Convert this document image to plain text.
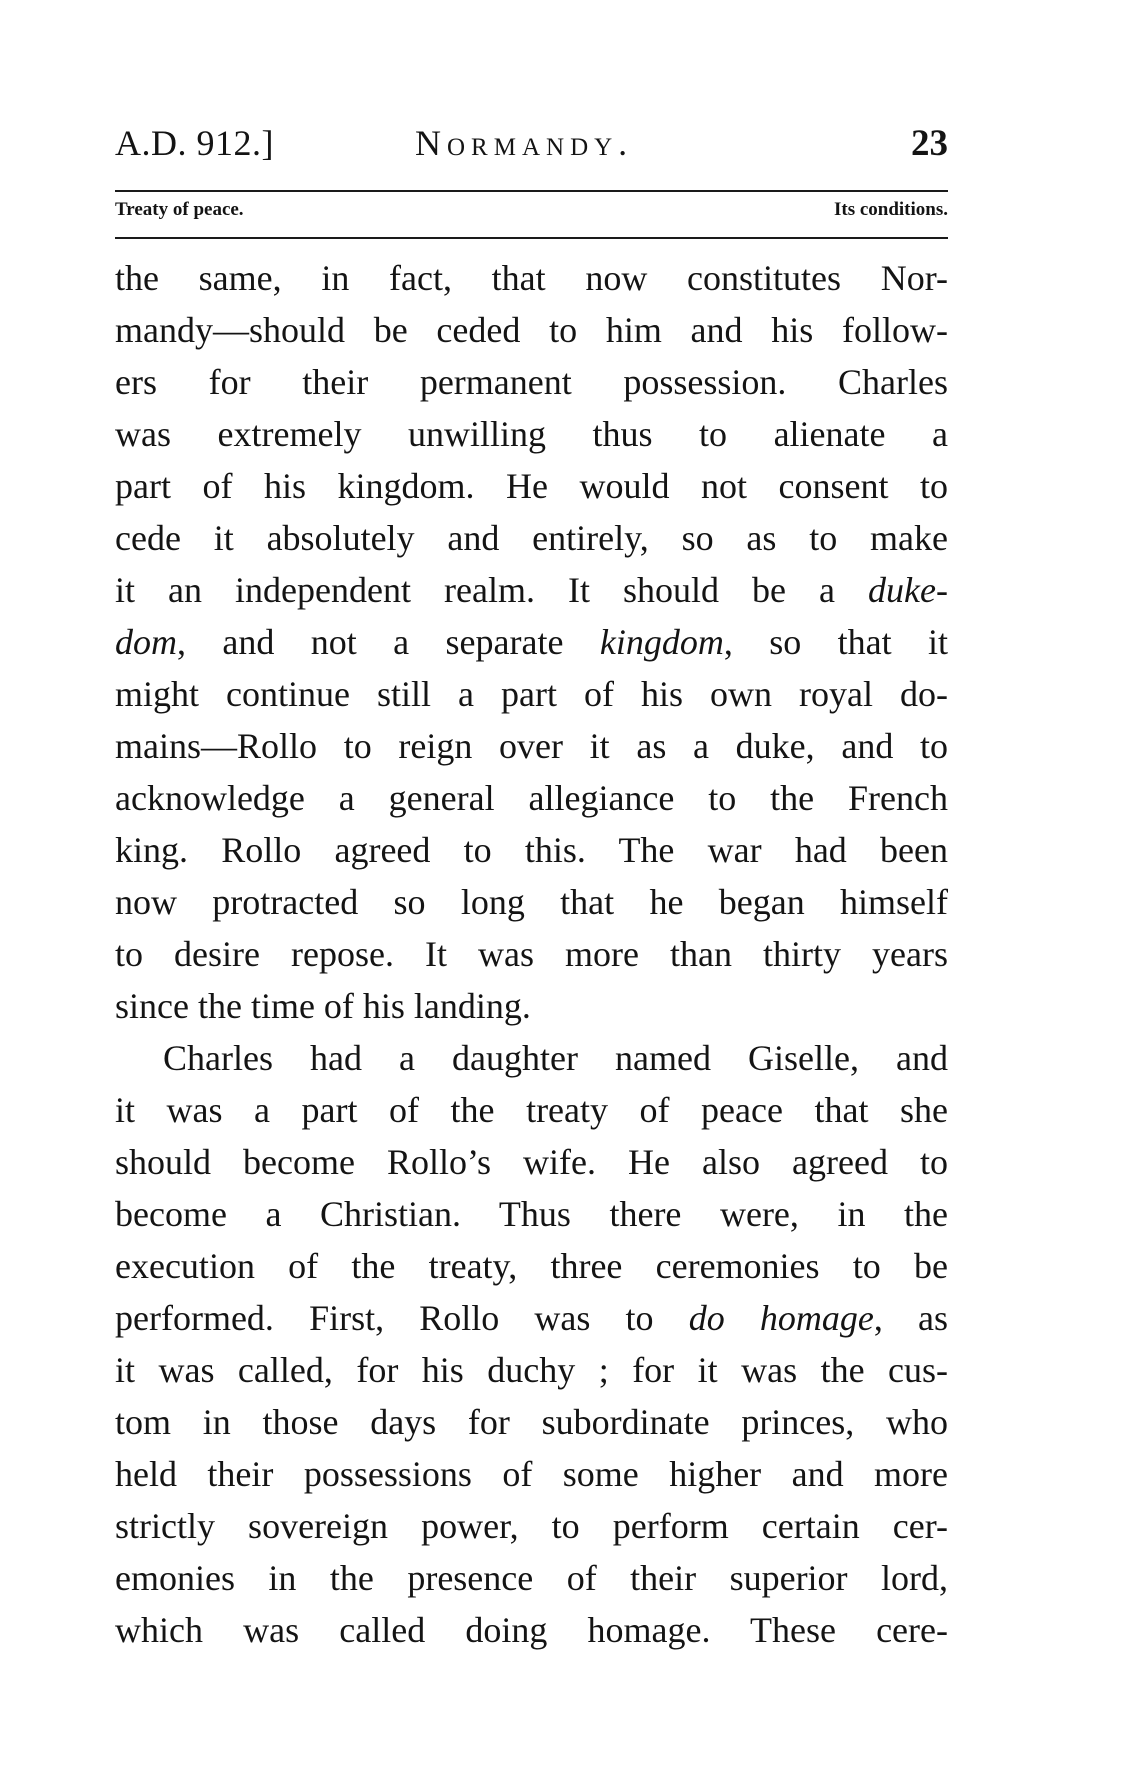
A.D. 912.]	Normandy.	23
Treaty of peace.	Its conditions.
the same, in fact, that now constitutes Nor-
mandy—should be ceded to him and his follow-
ers for their permanent possession. Charles
was extremely unwilling thus to alienate a
part of his kingdom. He would not consent to
cede it absolutely and entirely, so as to make
it an independent realm. It should be a duke-
dom, and not a separate kingdom, so that it
might continue still a part of his own royal do-
mains—Rollo to reign over it as a duke, and to
acknowledge a general allegiance to the French
king. Rollo agreed to this. The war had been
now protracted so long that he began himself
to desire repose. It was more than thirty years
since the time of his landing.
Charles had a daughter named Giselle, and
it was a part of the treaty of peace that she
should become Rollo’s wife. He also agreed to
become a Christian. Thus there were, in the
execution of the treaty, three ceremonies to be
performed. First, Rollo was to do homage, as
it was called, for his duchy ; for it was the cus-
tom in those days for subordinate princes, who
held their possessions of some higher and more
strictly sovereign power, to perform certain cer-
emonies in the presence of their superior lord,
which was called doing homage. These cere-
